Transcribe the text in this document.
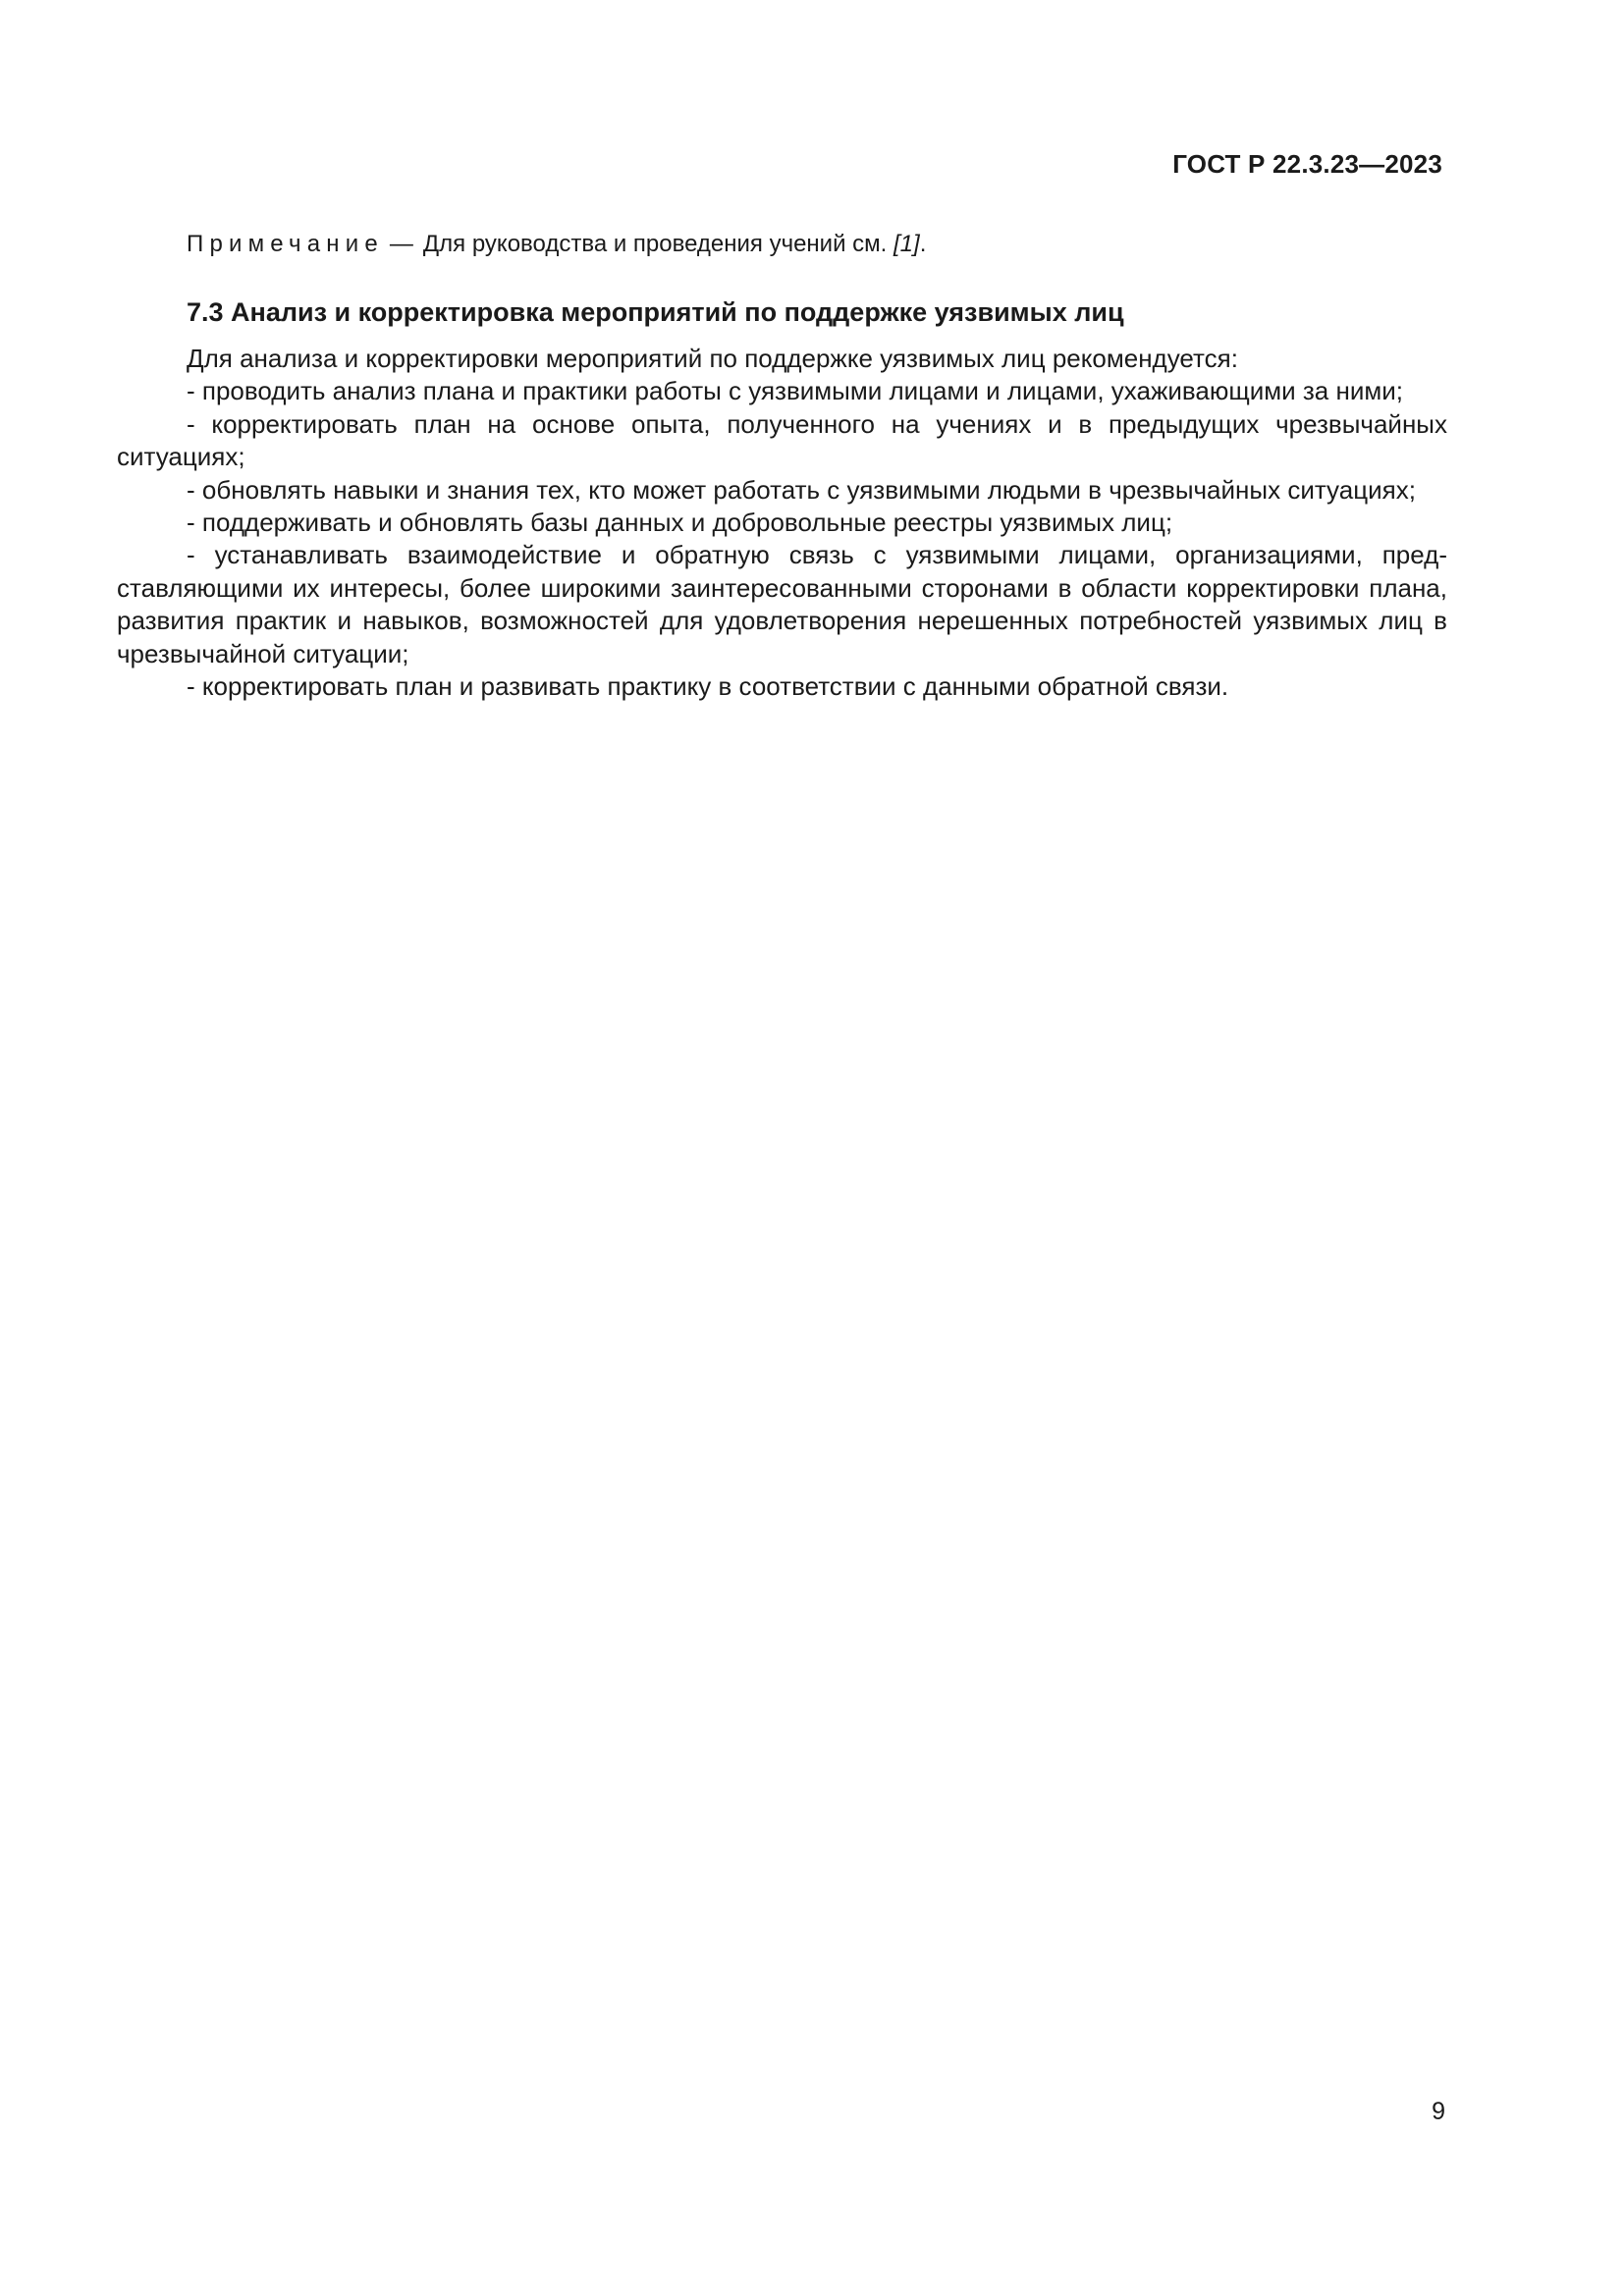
ГОСТ Р 22.3.23—2023
Примечание — Для руководства и проведения учений см. [1].
7.3 Анализ и корректировка мероприятий по поддержке уязвимых лиц

Для анализа и корректировки мероприятий по поддержке уязвимых лиц рекомендуется:

- проводить анализ плана и практики работы с уязвимыми лицами и лицами, ухаживающими за ними;

- корректировать план на основе опыта, полученного на учениях и в предыдущих чрезвычайных ситуациях;

- обновлять навыки и знания тех, кто может работать с уязвимыми людьми в чрезвычайных ситуациях;

- поддерживать и обновлять базы данных и добровольные реестры уязвимых лиц;

- устанавливать взаимодействие и обратную связь с уязвимыми лицами, организациями, представляющими их интересы, более широкими заинтересованными сторонами в области корректировки плана, развития практик и навыков, возможностей для удовлетворения нерешенных потребностей уязвимых лиц в чрезвычайной ситуации;

- корректировать план и развивать практику в соответствии с данными обратной связи.

9
